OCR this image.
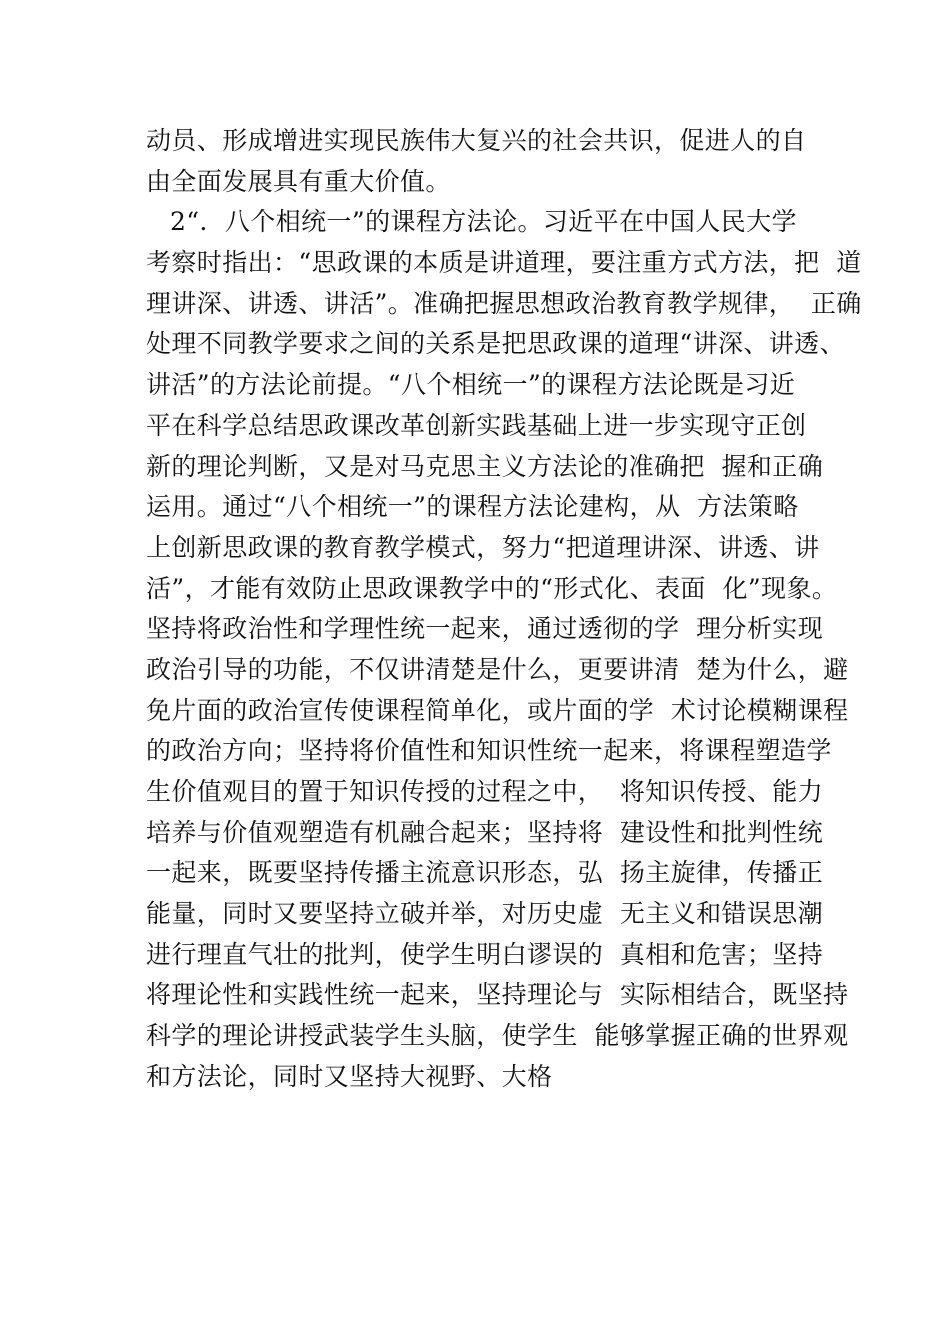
动员、形成增进实现民族伟大复兴的社会共识，促进人的自
由全面发展具有重大价值。
2“．八个相统一”的课程方法论。习近平在中国人民大学
考察时指出：“思政课的本质是讲道理，要注重方式方法，把  道
理讲深、讲透、讲活”。准确把握思想政治教育教学规律，  正确
处理不同教学要求之间的关系是把思政课的道理“讲深、讲透、
讲活”的方法论前提。“八个相统一”的课程方法论既是习近
平在科学总结思政课改革创新实践基础上进一步实现守正创
新的理论判断，又是对马克思主义方法论的准确把  握和正确
运用。通过“八个相统一”的课程方法论建构，从  方法策略
上创新思政课的教育教学模式，努力“把道理讲深、讲透、讲
活”，才能有效防止思政课教学中的“形式化、表面  化”现象。
坚持将政治性和学理性统一起来，通过透彻的学  理分析实现
政治引导的功能，不仅讲清楚是什么，更要讲清  楚为什么，避
免片面的政治宣传使课程简单化，或片面的学  术讨论模糊课程
的政治方向；坚持将价值性和知识性统一起来，将课程塑造学
生价值观目的置于知识传授的过程之中，  将知识传授、能力
培养与价值观塑造有机融合起来；坚持将  建设性和批判性统
一起来，既要坚持传播主流意识形态，弘  扬主旋律，传播正
能量，同时又要坚持立破并举，对历史虚  无主义和错误思潮
进行理直气壮的批判，使学生明白谬误的  真相和危害；坚持
将理论性和实践性统一起来，坚持理论与  实际相结合，既坚持
科学的理论讲授武装学生头脑，使学生  能够掌握正确的世界观
和方法论，同时又坚持大视野、大格
